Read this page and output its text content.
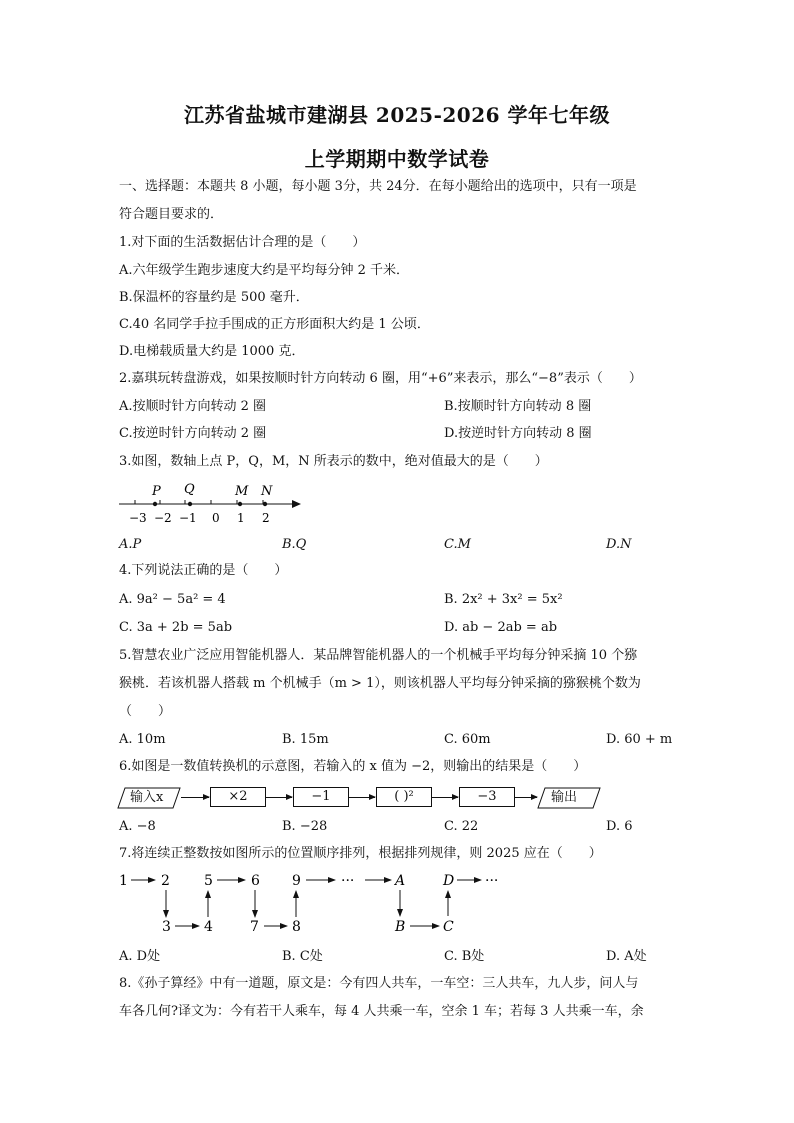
江苏省盐城市建湖县 2025-2026 学年七年级
上学期期中数学试卷
一、选择题：本题共 8 小题，每小题 3分，共 24分．在每小题给出的选项中，只有一项是
符合题目要求的．
1.对下面的生活数据估计合理的是（　　）
A.六年级学生跑步速度大约是平均每分钟 2 千米．
B.保温杯的容量约是 500 毫升．
C.40 名同学手拉手围成的正方形面积大约是 1 公顷．
D.电梯载质量大约是 1000 克．
2.嘉琪玩转盘游戏，如果按顺时针方向转动 6 圈，用“+6”来表示，那么“−8”表示（　　）
A.按顺时针方向转动 2 圈	B.按顺时针方向转动 8 圈
C.按逆时针方向转动 2 圈	D.按逆时针方向转动 8 圈
3.如图，数轴上点 P，Q，M，N 所表示的数中，绝对值最大的是（　　）
P Q	M N
−3 −2 −1 0 1 2
A.P	B.Q	C.M	D.N
4.下列说法正确的是（　　）
A. 9a² − 5a² = 4	B. 2x² + 3x² = 5x²
C. 3a + 2b = 5ab	D. ab − 2ab = ab
5.智慧农业广泛应用智能机器人．某品牌智能机器人的一个机械手平均每分钟采摘 10 个猕
猴桃．若该机器人搭载 m 个机械手（m > 1），则该机器人平均每分钟采摘的猕猴桃个数为
（　　）
A. 10m	B. 15m	C. 60m	D. 60 + m
6.如图是一数值转换机的示意图，若输入的 x 值为 −2，则输出的结果是（　　）
输入x	×2	−1	( )²	−3	输出
A. −8	B. −28	C. 22	D. 6
7.将连续正整数按如图所示的位置顺序排列，根据排列规律，则 2025 应在（　　）
1 2 5	6 9	···	A	D ···
3 4	7 8	B	C
A. D处	B. C处	C. B处	D. A处
8.《孙子算经》中有一道题，原文是：今有四人共车，一车空：三人共车，九人步，问人与
车各几何?译文为：今有若干人乘车，每 4 人共乘一车，空余 1 车；若每 3 人共乘一车，余
